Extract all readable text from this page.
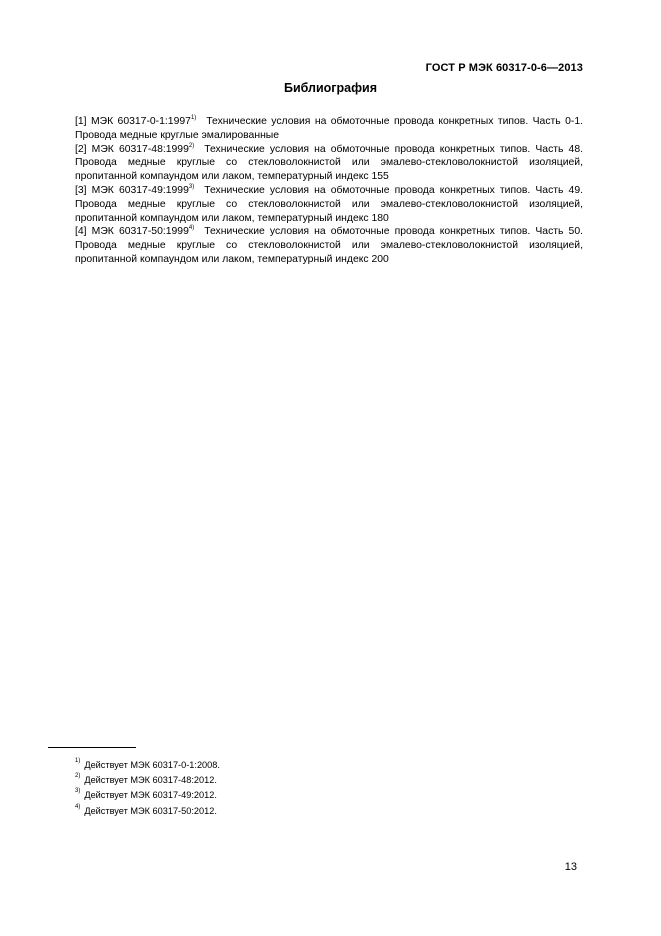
ГОСТ Р МЭК 60317-0-6—2013
Библиография

[1] МЭК 60317-0-1:1997$^{1)}$ Технические условия на обмоточные провода конкретных типов. Часть 0-1. Провода медные круглые эмалированные

[2] МЭК 60317-48:1999$^{2)}$ Технические условия на обмоточные провода конкретных типов. Часть 48. Провода медные круглые со стекловолокнистой или эмалево-стекловолокнистой изоляцией, пропитанной компаундом или лаком, температурный индекс 155

[3] МЭК 60317-49:1999$^{3)}$ Технические условия на обмоточные провода конкретных типов. Часть 49. Провода медные круглые со стекловолокнистой или эмалево-стекловолокнистой изоляцией, пропитанной компаундом или лаком, температурный индекс 180

[4] МЭК 60317-50:1999$^{4)}$ Технические условия на обмоточные провода конкретных типов. Часть 50. Провода медные круглые со стекловолокнистой или эмалево-стекловолокнистой изоляцией, пропитанной компаундом или лаком, температурный индекс 200

$^{1)}$ Действует МЭК 60317-0-1:2008.
$^{2)}$ Действует МЭК 60317-48:2012.
$^{3)}$ Действует МЭК 60317-49:2012.
$^{4)}$ Действует МЭК 60317-50:2012.
13
